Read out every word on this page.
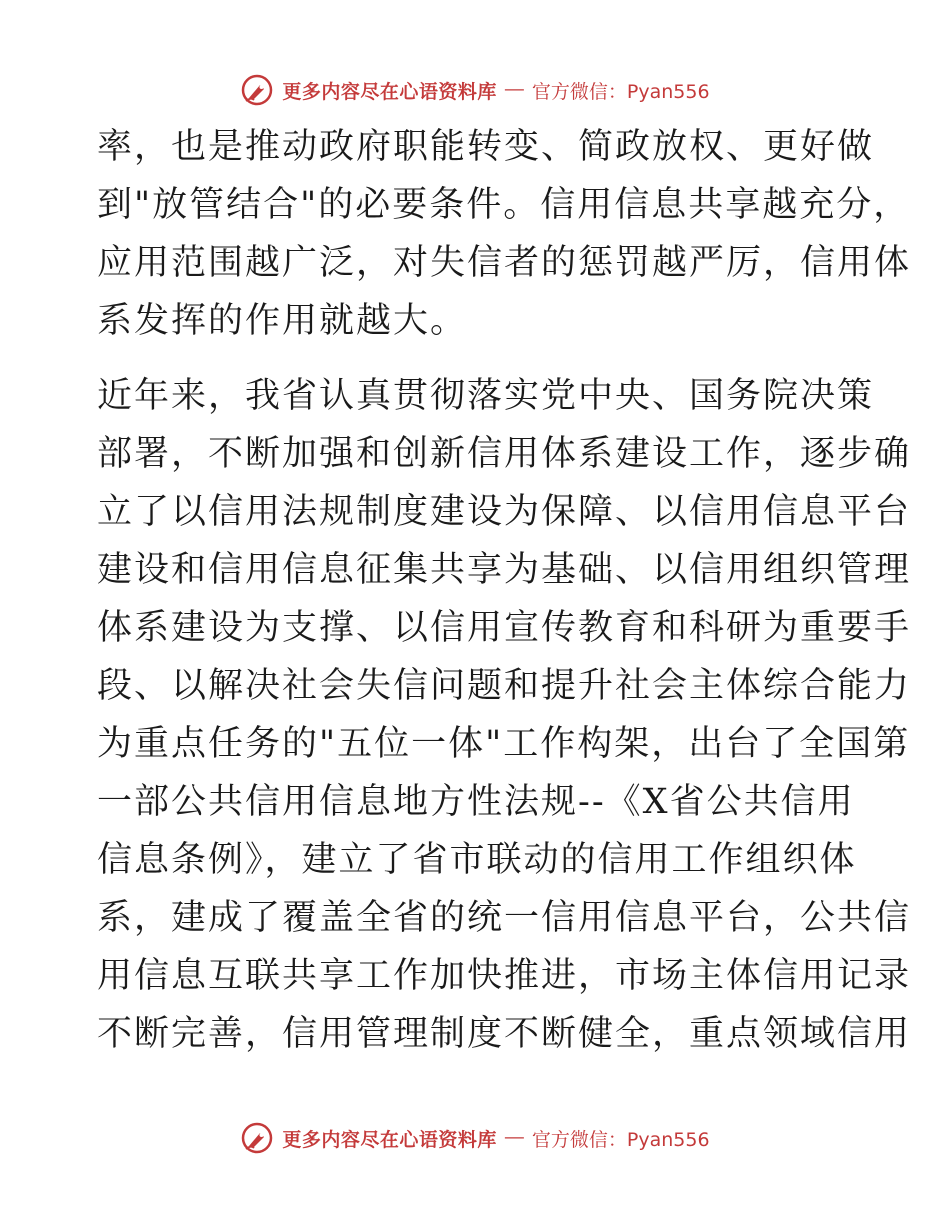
更多内容尽在心语资料库 — 官方微信：Pyan556
率，也是推动政府职能转变、简政放权、更好做
到"放管结合"的必要条件。信用信息共享越充分，
应用范围越广泛，对失信者的惩罚越严厉，信用体
系发挥的作用就越大。
近年来，我省认真贯彻落实党中央、国务院决策
部署，不断加强和创新信用体系建设工作，逐步确
立了以信用法规制度建设为保障、以信用信息平台
建设和信用信息征集共享为基础、以信用组织管理
体系建设为支撑、以信用宣传教育和科研为重要手
段、以解决社会失信问题和提升社会主体综合能力
为重点任务的"五位一体"工作构架，出台了全国第
一部公共信用信息地方性法规--《X省公共信用
信息条例》，建立了省市联动的信用工作组织体
系，建成了覆盖全省的统一信用信息平台，公共信
用信息互联共享工作加快推进，市场主体信用记录
不断完善，信用管理制度不断健全，重点领域信用
更多内容尽在心语资料库 — 官方微信：Pyan556
